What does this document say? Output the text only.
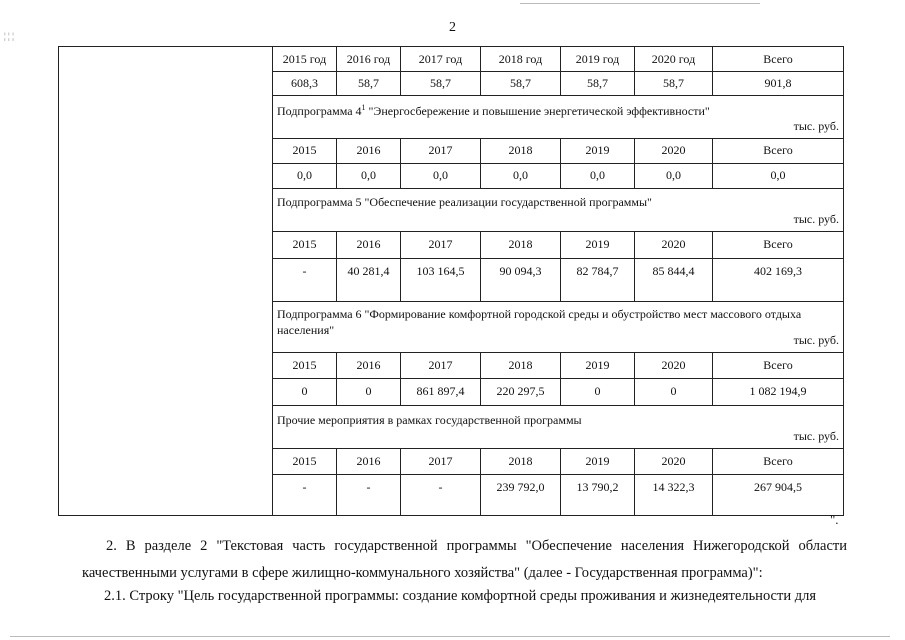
2
¦ ¦ ¦
2015 год	2016 год	2017 год	2018 год	2019 год	2020 год	Всего
608,3	58,7	58,7	58,7	58,7	58,7	901,8
Подпрограмма 4$^1$ "Энергосбережение и повышение энергетической эффективности"
тыс. руб.
2015	2016	2017	2018	2019	2020	Всего
0,0	0,0	0,0	0,0	0,0	0,0	0,0
Подпрограмма 5 "Обеспечение реализации государственной программы"
тыс. руб.
2015	2016	2017	2018	2019	2020	Всего
-	40 281,4	103 164,5	90 094,3	82 784,7	85 844,4	402 169,3
Подпрограмма 6 "Формирование комфортной городской среды и обустройство мест массового отдыха населения"
тыс. руб.
2015	2016	2017	2018	2019	2020	Всего
0	0	861 897,4	220 297,5	0	0	1 082 194,9
Прочие мероприятия в рамках государственной программы
тыс. руб.
2015	2016	2017	2018	2019	2020	Всего
-	-	-	239 792,0	13 790,2	14 322,3	267 904,5
".
2. В разделе 2 "Текстовая часть государственной программы "Обеспечение населения Нижегородской области качественными услугами в сфере жилищно-коммунального хозяйства" (далее - Государственная программа)":
2.1. Строку "Цель государственной программы: создание комфортной среды проживания и жизнедеятельности для
